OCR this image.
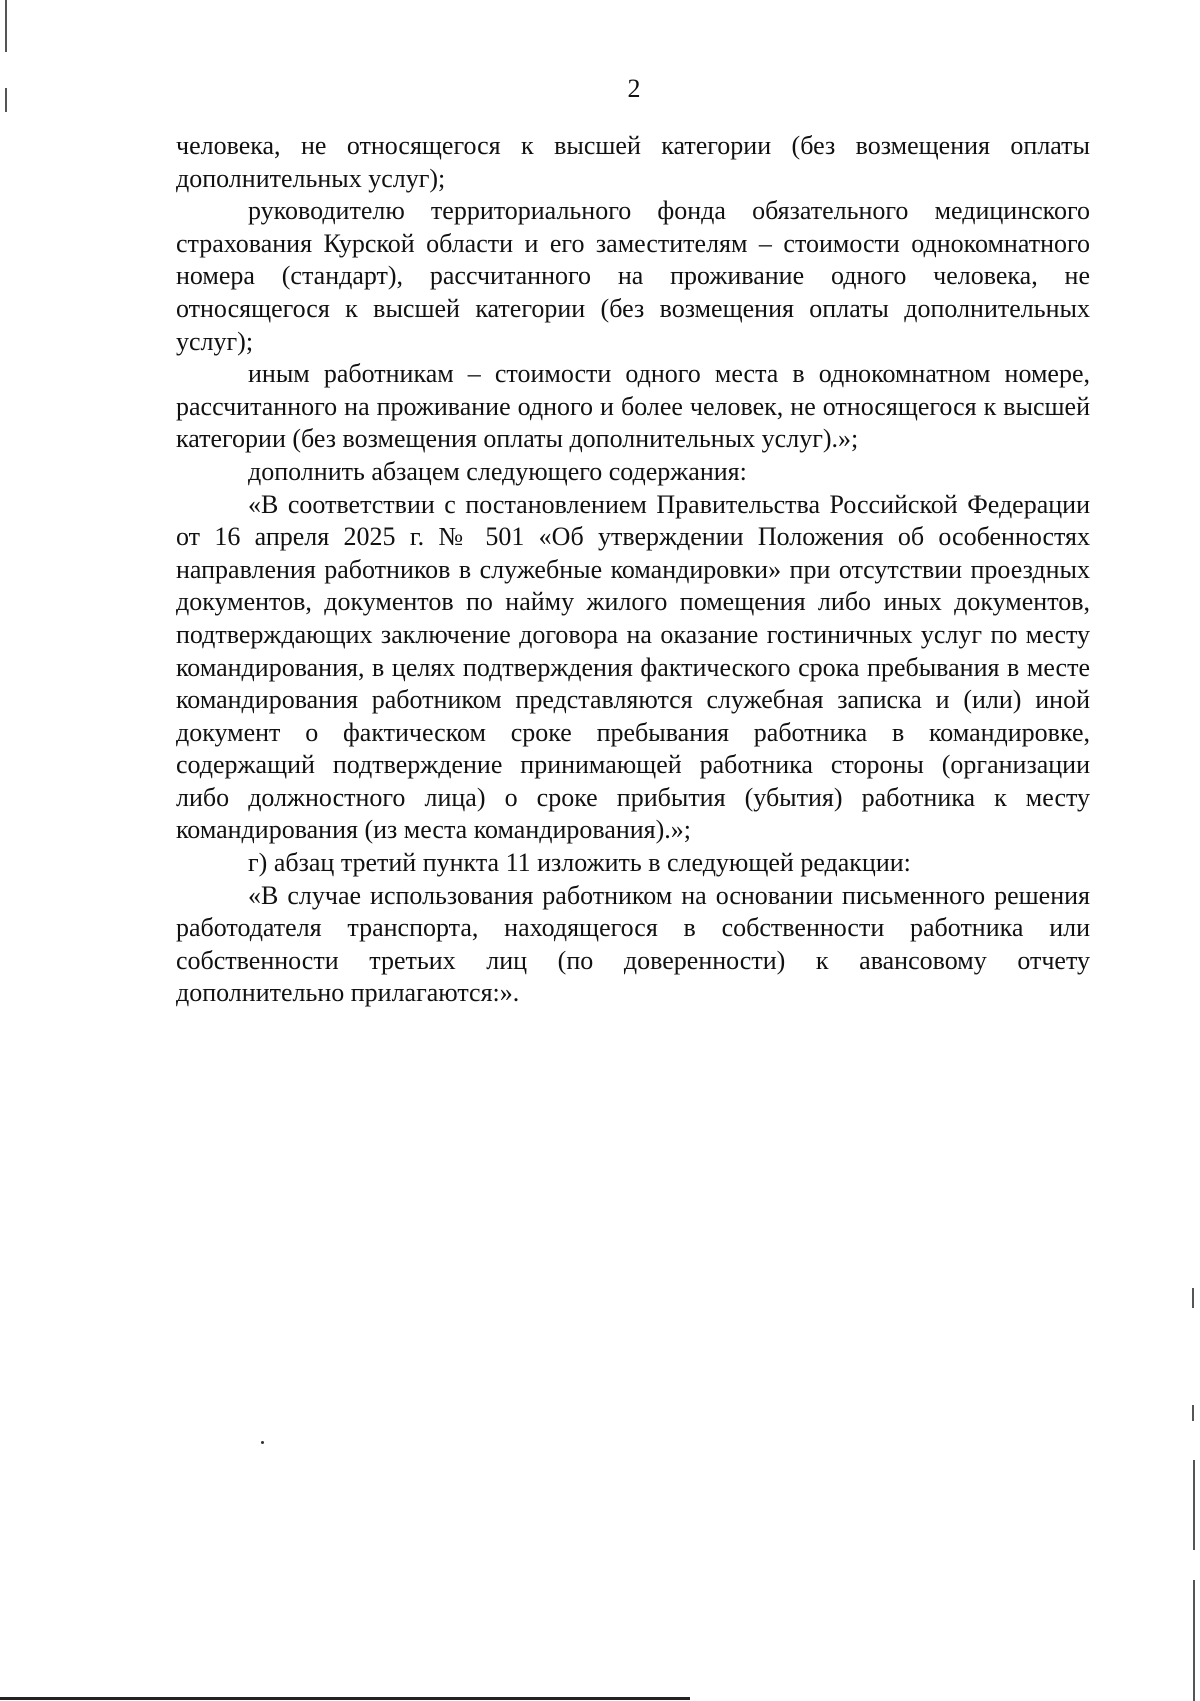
2

человека, не относящегося к высшей категории (без возмещения оплаты дополнительных услуг);

руководителю территориального фонда обязательного медицинского страхования Курской области и его заместителям – стоимости однокомнатного номера (стандарт), рассчитанного на проживание одного человека, не относящегося к высшей категории (без возмещения оплаты дополнительных услуг);

иным работникам – стоимости одного места в однокомнатном номере, рассчитанного на проживание одного и более человек, не относящегося к высшей категории (без возмещения оплаты дополнительных услуг).»;

дополнить абзацем следующего содержания:

«В соответствии с постановлением Правительства Российской Федерации от 16 апреля 2025 г. № 501 «Об утверждении Положения об особенностях направления работников в служебные командировки» при отсутствии проездных документов, документов по найму жилого помещения либо иных документов, подтверждающих заключение договора на оказание гостиничных услуг по месту командирования, в целях подтверждения фактического срока пребывания в месте командирования работником представляются служебная записка и (или) иной документ о фактическом сроке пребывания работника в командировке, содержащий подтверждение принимающей работника стороны (организации либо должностного лица) о сроке прибытия (убытия) работника к месту командирования (из места командирования).»;

г) абзац третий пункта 11 изложить в следующей редакции:

«В случае использования работником на основании письменного решения работодателя транспорта, находящегося в собственности работника или собственности третьих лиц (по доверенности) к авансовому отчету дополнительно прилагаются:».
